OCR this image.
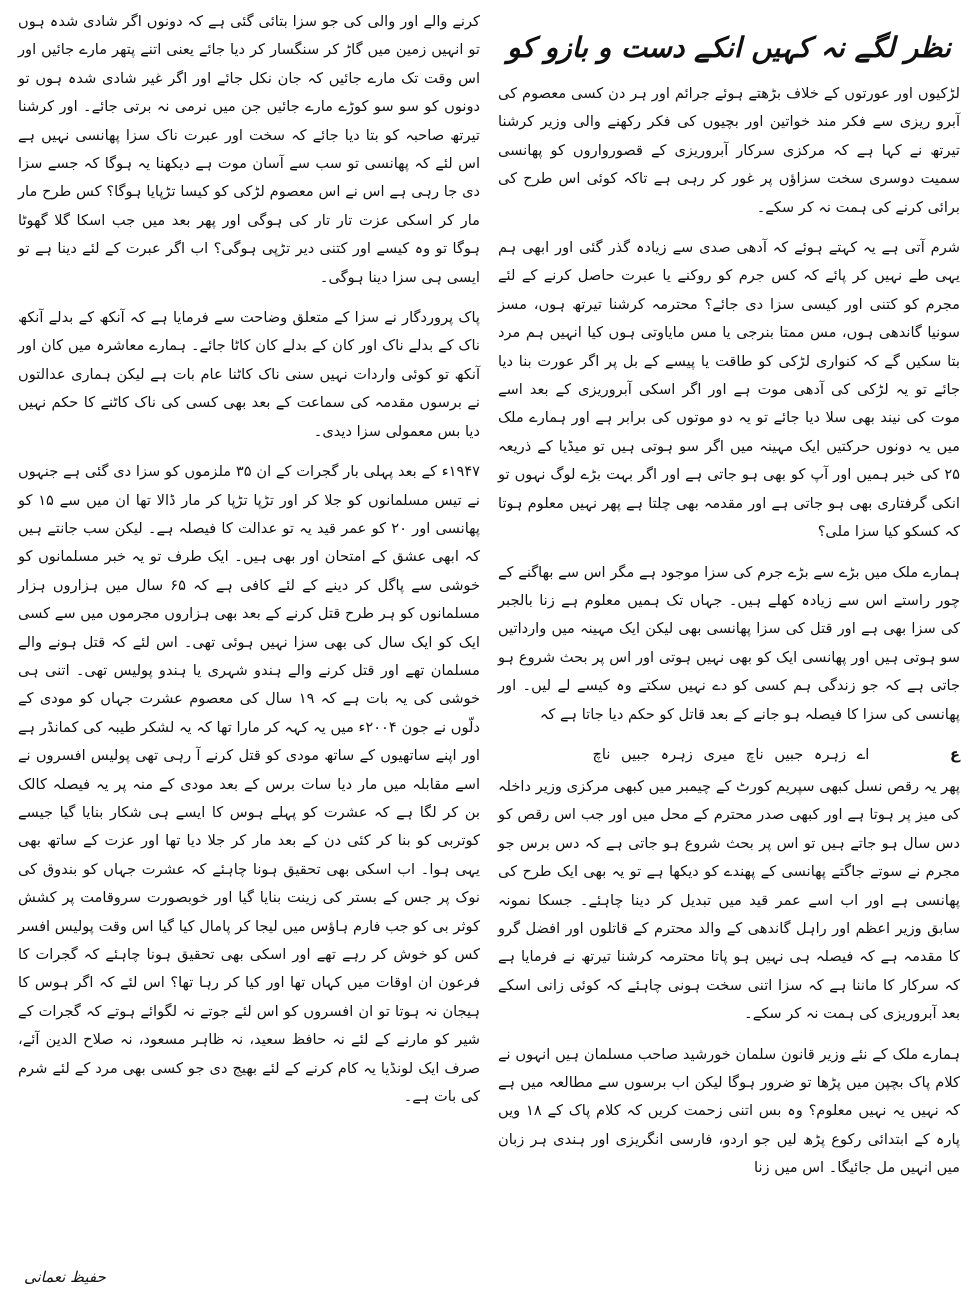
نظر لگے نہ کہیں انکے دست و بازو کو

لڑکیوں اور عورتوں کے خلاف بڑھتے ہوئے جرائم اور ہر دن کسی معصوم کی آبرو ریزی سے فکر مند خواتین اور بچیوں کی فکر رکھنے والی وزیر کرشنا تیرتھ نے کہا ہے کہ مرکزی سرکار آبروریزی کے قصورواروں کو پھانسی سمیت دوسری سخت سزاؤں پر غور کر رہی ہے تاکہ کوئی اس طرح کی برائی کرنے کی ہمت نہ کر سکے۔

شرم آتی ہے یہ کہتے ہوئے کہ آدھی صدی سے زیادہ گذر گئی اور ابھی ہم یہی طے نہیں کر پائے کہ کس جرم کو روکنے یا عبرت حاصل کرنے کے لئے مجرم کو کتنی اور کیسی سزا دی جائے؟ محترمہ کرشنا تیرتھ ہوں، مسز سونیا گاندھی ہوں، مس ممتا بنرجی یا مس مایاوتی ہوں کیا انہیں ہم مرد بتا سکیں گے کہ کنواری لڑکی کو طاقت یا پیسے کے بل پر اگر عورت بنا دیا جائے تو یہ لڑکی کی آدھی موت ہے اور اگر اسکی آبروریزی کے بعد اسے موت کی نیند بھی سلا دیا جائے تو یہ دو موتوں کی برابر ہے اور ہمارے ملک میں یہ دونوں حرکتیں ایک مہینہ میں اگر سو ہوتی ہیں تو میڈیا کے ذریعہ ۲۵ کی خبر ہمیں اور آپ کو بھی ہو جاتی ہے اور اگر بہت بڑے لوگ نہوں تو انکی گرفتاری بھی ہو جاتی ہے اور مقدمہ بھی چلتا ہے پھر نہیں معلوم ہوتا کہ کسکو کیا سزا ملی؟

ہمارے ملک میں بڑے سے بڑے جرم کی سزا موجود ہے مگر اس سے بھاگنے کے چور راستے اس سے زیادہ کھلے ہیں۔ جہاں تک ہمیں معلوم ہے زنا بالجبر کی سزا بھی ہے اور قتل کی سزا پھانسی بھی لیکن ایک مہینہ میں وارداتیں سو ہوتی ہیں اور پھانسی ایک کو بھی نہیں ہوتی اور اس پر بحث شروع ہو جاتی ہے کہ جو زندگی ہم کسی کو دے نہیں سکتے وہ کیسے لے لیں۔ اور پھانسی کی سزا کا فیصلہ ہو جانے کے بعد قاتل کو حکم دیا جاتا ہے کہ

ع اے زہرہ جبیں ناچ میری زہرہ جبیں ناچ

پھر یہ رقص نسل کبھی سپریم کورٹ کے چیمبر میں کبھی مرکزی وزیر داخلہ کی میز پر ہوتا ہے اور کبھی صدر محترم کے محل میں اور جب اس رقص کو دس سال ہو جاتے ہیں تو اس پر بحث شروع ہو جاتی ہے کہ دس برس جو مجرم نے سوتے جاگتے پھانسی کے پھندے کو دیکھا ہے تو یہ بھی ایک طرح کی پھانسی ہے اور اب اسے عمر قید میں تبدیل کر دینا چاہئے۔ جسکا نمونہ سابق وزیر اعظم اور راہل گاندھی کے والد محترم کے قاتلوں اور افضل گرو کا مقدمہ ہے کہ فیصلہ ہی نہیں ہو پاتا محترمہ کرشنا تیرتھ نے فرمایا ہے کہ سرکار کا ماننا ہے کہ سزا اتنی سخت ہونی چاہئے کہ کوئی زانی اسکے بعد آبروریزی کی ہمت نہ کر سکے۔

ہمارے ملک کے نئے وزیر قانون سلمان خورشید صاحب مسلمان ہیں انہوں نے کلام پاک بچپن میں پڑھا تو ضرور ہوگا لیکن اب برسوں سے مطالعہ میں ہے کہ نہیں یہ نہیں معلوم؟ وہ بس اتنی زحمت کریں کہ کلام پاک کے ۱۸ ویں پارہ کے ابتدائی رکوع پڑھ لیں جو اردو، فارسی انگریزی اور ہندی ہر زبان میں انہیں مل جائیگا۔ اس میں زنا

کرنے والے اور والی کی جو سزا بتائی گئی ہے کہ دونوں اگر شادی شدہ ہوں تو انہیں زمین میں گاڑ کر سنگسار کر دیا جائے یعنی اتنے پتھر مارے جائیں اور اس وقت تک مارے جائیں کہ جان نکل جائے اور اگر غیر شادی شدہ ہوں تو دونوں کو سو سو کوڑے مارے جائیں جن میں نرمی نہ برتی جائے۔ اور کرشنا تیرتھ صاحبہ کو بتا دیا جائے کہ سخت اور عبرت ناک سزا پھانسی نہیں ہے اس لئے کہ پھانسی تو سب سے آسان موت ہے دیکھنا یہ ہوگا کہ جسے سزا دی جا رہی ہے اس نے اس معصوم لڑکی کو کیسا تڑپایا ہوگا؟ کس طرح مار مار کر اسکی عزت تار تار کی ہوگی اور پھر بعد میں جب اسکا گلا گھوٹا ہوگا تو وہ کیسے اور کتنی دیر تڑپی ہوگی؟ اب اگر عبرت کے لئے دینا ہے تو ایسی ہی سزا دینا ہوگی۔

پاک پروردگار نے سزا کے متعلق وضاحت سے فرمایا ہے کہ آنکھ کے بدلے آنکھ ناک کے بدلے ناک اور کان کے بدلے کان کاٹا جائے۔ ہمارے معاشرہ میں کان اور آنکھ تو کوئی واردات نہیں سنی ناک کاٹنا عام بات ہے لیکن ہماری عدالتوں نے برسوں مقدمہ کی سماعت کے بعد بھی کسی کی ناک کاٹنے کا حکم نہیں دیا بس معمولی سزا دیدی۔

۱۹۴۷ء کے بعد پہلی بار گجرات کے ان ۳۵ ملزموں کو سزا دی گئی ہے جنہوں نے تیس مسلمانوں کو جلا کر اور تڑپا تڑپا کر مار ڈالا تھا ان میں سے ۱۵ کو پھانسی اور ۲۰ کو عمر قید یہ تو عدالت کا فیصلہ ہے۔ لیکن سب جانتے ہیں کہ ابھی عشق کے امتحان اور بھی ہیں۔ ایک طرف تو یہ خبر مسلمانوں کو خوشی سے پاگل کر دینے کے لئے کافی ہے کہ ۶۵ سال میں ہزاروں ہزار مسلمانوں کو ہر طرح قتل کرنے کے بعد بھی ہزاروں مجرموں میں سے کسی ایک کو ایک سال کی بھی سزا نہیں ہوئی تھی۔ اس لئے کہ قتل ہونے والے مسلمان تھے اور قتل کرنے والے ہندو شہری یا ہندو پولیس تھی۔ اتنی ہی خوشی کی یہ بات ہے کہ ۱۹ سال کی معصوم عشرت جہاں کو مودی کے دلّوں نے جون ۲۰۰۴ء میں یہ کہہ کر مارا تھا کہ یہ لشکر طیبہ کی کمانڈر ہے اور اپنے ساتھیوں کے ساتھ مودی کو قتل کرنے آ رہی تھی پولیس افسروں نے اسے مقابلہ میں مار دیا سات برس کے بعد مودی کے منہ پر یہ فیصلہ کالک بن کر لگا ہے کہ عشرت کو پہلے ہوس کا ایسے ہی شکار بنایا گیا جیسے کوتربی کو بنا کر کئی دن کے بعد مار کر جلا دیا تھا اور عزت کے ساتھ بھی یہی ہوا۔ اب اسکی بھی تحقیق ہونا چاہئے کہ عشرت جہاں کو بندوق کی نوک پر جس کے بستر کی زینت بنایا گیا اور خوبصورت سروقامت پر کشش کوثر بی کو جب فارم ہاؤس میں لیجا کر پامال کیا گیا اس وقت پولیس افسر کس کو خوش کر رہے تھے اور اسکی بھی تحقیق ہونا چاہئے کہ گجرات کا فرعون ان اوقات میں کہاں تھا اور کیا کر رہا تھا؟ اس لئے کہ اگر ہوس کا ہیجان نہ ہوتا تو ان افسروں کو اس لئے جوتے نہ لگوائے ہوتے کہ گجرات کے شیر کو مارنے کے لئے نہ حافظ سعید، نہ ظاہر مسعود، نہ صلاح الدین آئے، صرف ایک لونڈیا یہ کام کرنے کے لئے بھیج دی جو کسی بھی مرد کے لئے شرم کی بات ہے۔

حفیظ نعمانی
